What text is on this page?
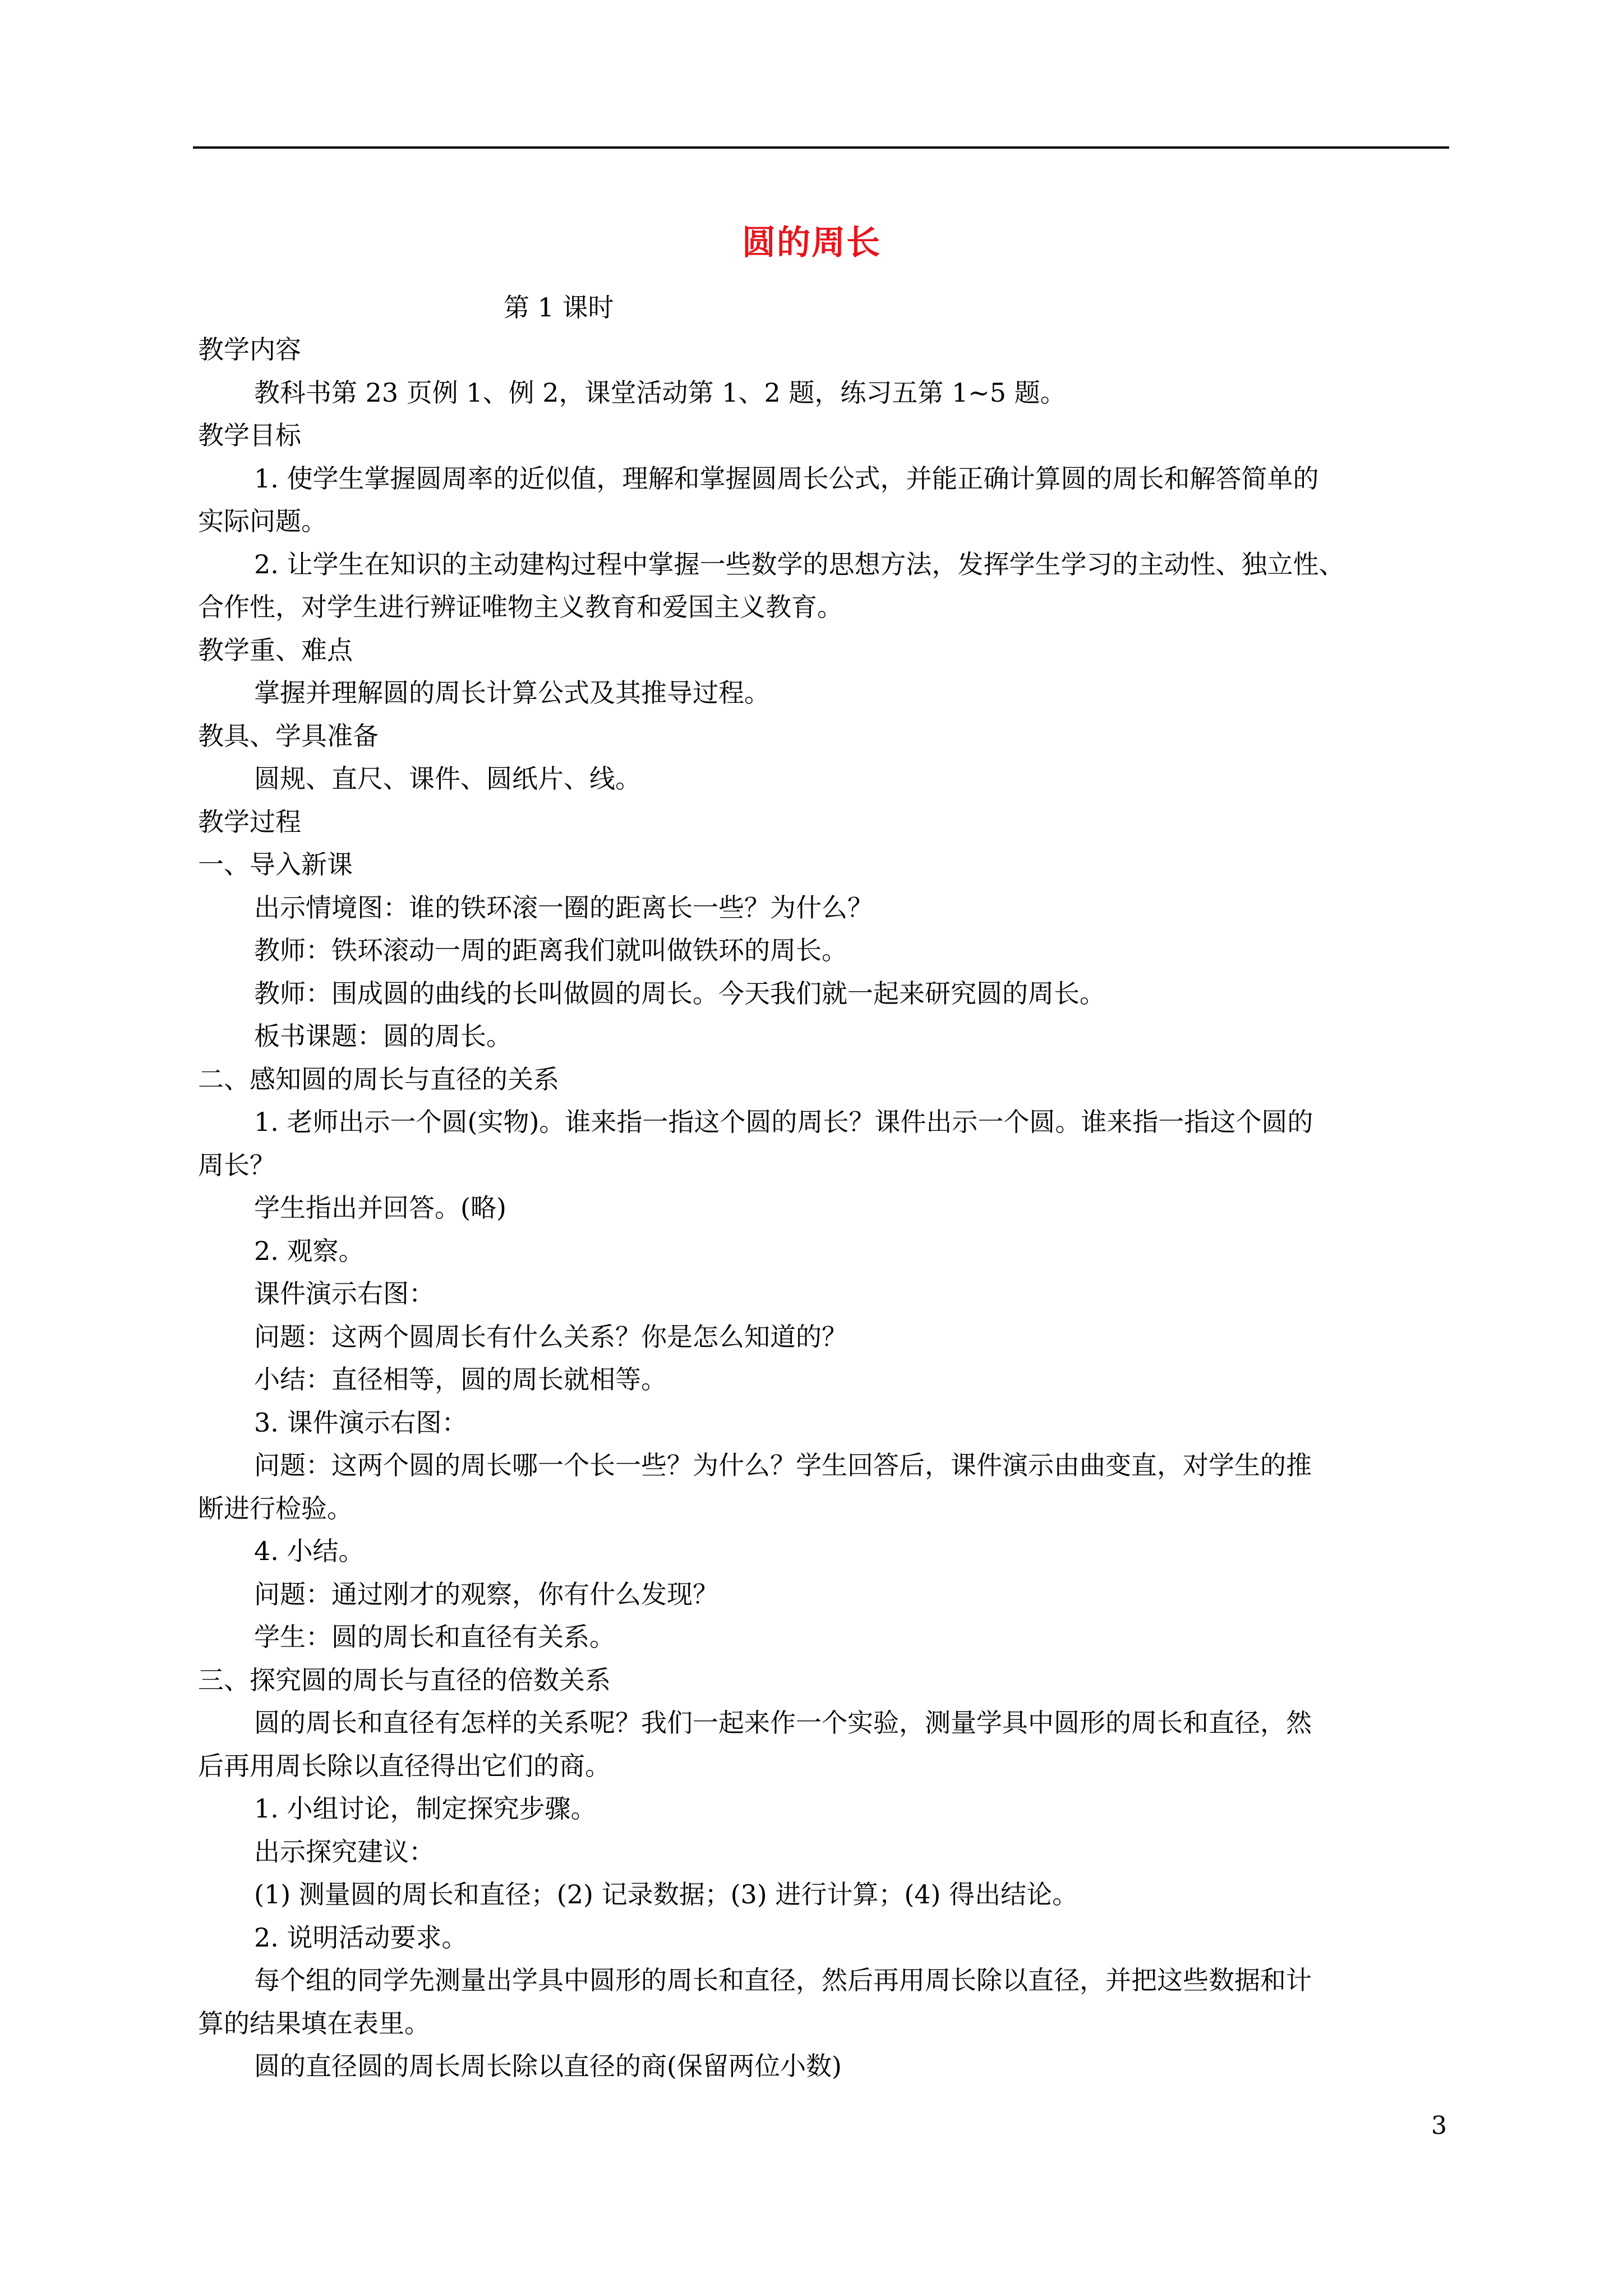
圆的周长
第 1 课时
教学内容
教科书第 23 页例 1、例 2，课堂活动第 1、2 题，练习五第 1~5 题。
教学目标
1. 使学生掌握圆周率的近似值，理解和掌握圆周长公式，并能正确计算圆的周长和解答简单的
实际问题。
2. 让学生在知识的主动建构过程中掌握一些数学的思想方法，发挥学生学习的主动性、独立性、
合作性，对学生进行辨证唯物主义教育和爱国主义教育。
教学重、难点
掌握并理解圆的周长计算公式及其推导过程。
教具、学具准备
圆规、直尺、课件、圆纸片、线。
教学过程
一、导入新课
出示情境图：谁的铁环滚一圈的距离长一些？为什么？
教师：铁环滚动一周的距离我们就叫做铁环的周长。
教师：围成圆的曲线的长叫做圆的周长。今天我们就一起来研究圆的周长。
板书课题：圆的周长。
二、感知圆的周长与直径的关系
1. 老师出示一个圆(实物)。谁来指一指这个圆的周长？课件出示一个圆。谁来指一指这个圆的
周长？
学生指出并回答。(略)
2. 观察。
课件演示右图：
问题：这两个圆周长有什么关系？你是怎么知道的？
小结：直径相等，圆的周长就相等。
3. 课件演示右图：
问题：这两个圆的周长哪一个长一些？为什么？学生回答后，课件演示由曲变直，对学生的推
断进行检验。
4. 小结。
问题：通过刚才的观察，你有什么发现？
学生：圆的周长和直径有关系。
三、探究圆的周长与直径的倍数关系
圆的周长和直径有怎样的关系呢？我们一起来作一个实验，测量学具中圆形的周长和直径，然
后再用周长除以直径得出它们的商。
1. 小组讨论，制定探究步骤。
出示探究建议：
(1) 测量圆的周长和直径；(2) 记录数据；(3) 进行计算；(4) 得出结论。
2. 说明活动要求。
每个组的同学先测量出学具中圆形的周长和直径，然后再用周长除以直径，并把这些数据和计
算的结果填在表里。
圆的直径圆的周长周长除以直径的商(保留两位小数)
3
